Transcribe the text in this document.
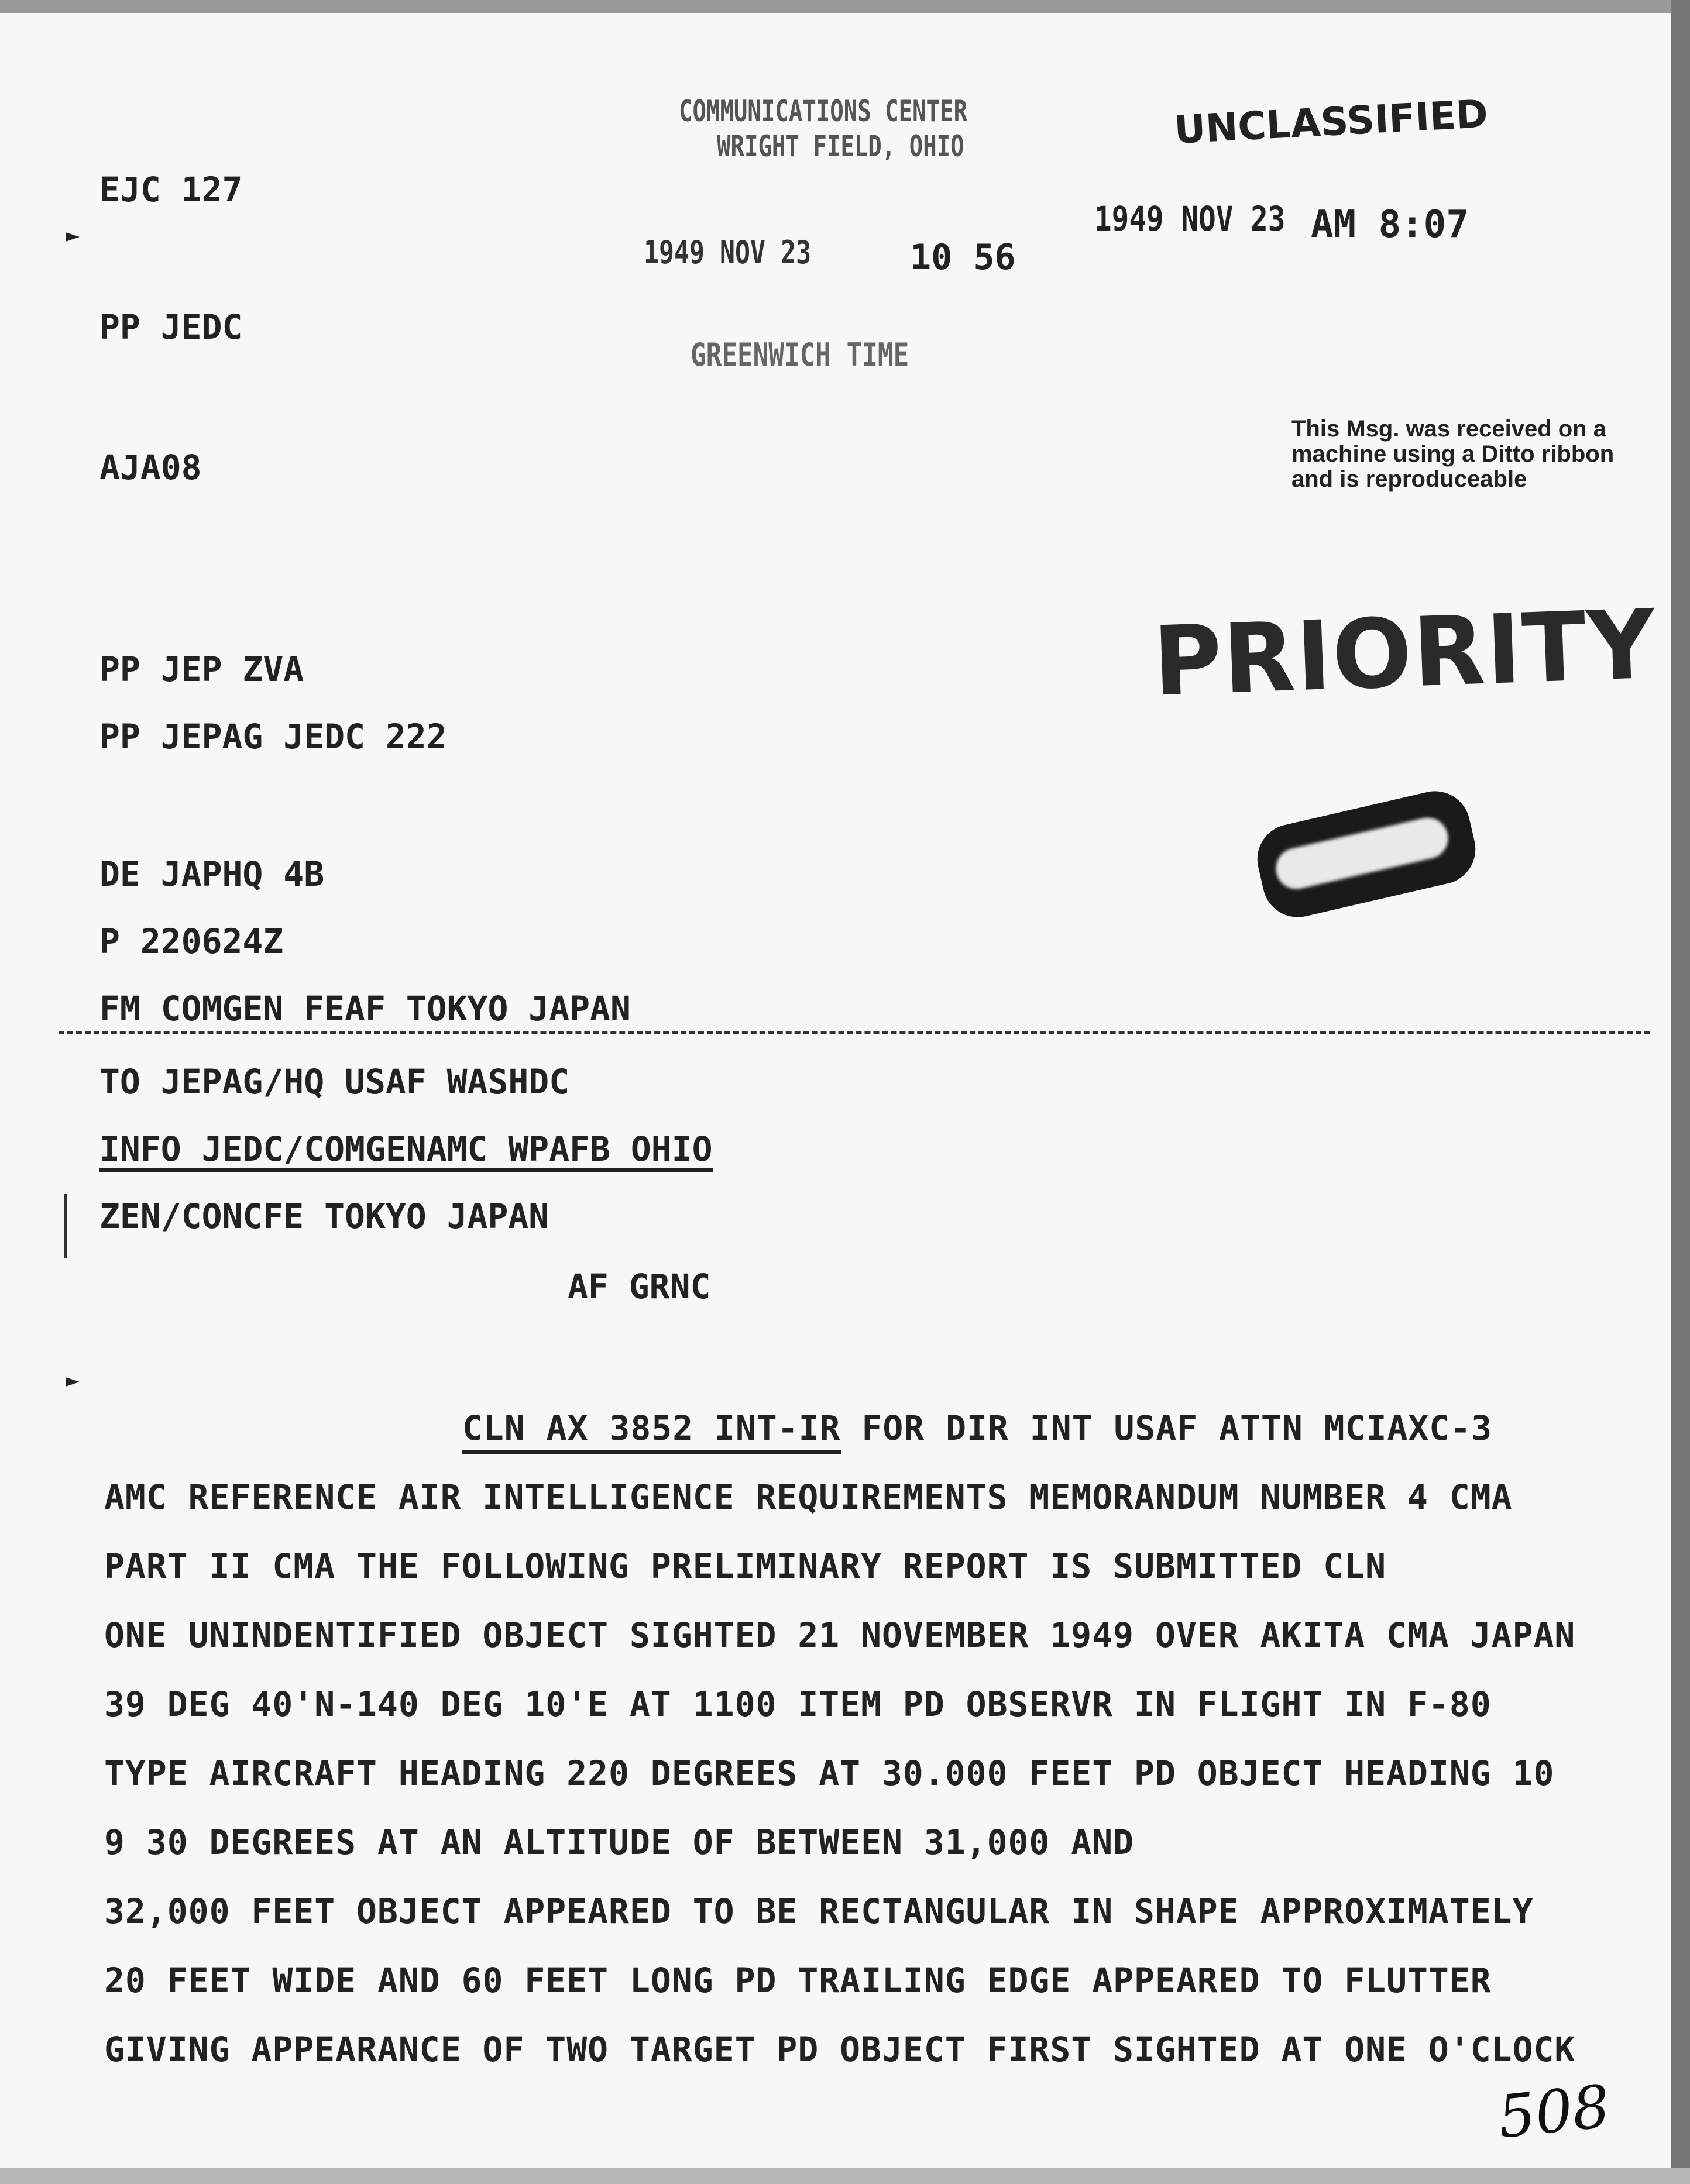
EJC 127
PP JEDC
AJA08
COMMUNICATIONS CENTER
WRIGHT FIELD, OHIO
1949 NOV 23	10 56
GREENWICH TIME
UNCLASSIFIED
1949 NOV 23 AM 8:07
This Msg. was received on a
machine using a Ditto ribbon
and is reproduceable
PRIORITY
PP JEP ZVA
PP JEPAG JEDC 222
DE JAPHQ 4B
P 220624Z
FM COMGEN FEAF TOKYO JAPAN
TO JEPAG/HQ USAF WASHDC
INFO JEDC/COMGENAMC WPAFB OHIO
ZEN/CONCFE TOKYO JAPAN
AF GRNC
CLN AX 3852 INT-IR FOR DIR INT USAF ATTN MCIAXC-3
AMC REFERENCE AIR INTELLIGENCE REQUIREMENTS MEMORANDUM NUMBER 4 CMA
PART II CMA THE FOLLOWING PRELIMINARY REPORT IS SUBMITTED CLN
ONE UNINDENTIFIED OBJECT SIGHTED 21 NOVEMBER 1949 OVER AKITA CMA JAPAN
39 DEG 40'N-140 DEG 10'E AT 1100 ITEM PD OBSERVR IN FLIGHT IN F-80
TYPE AIRCRAFT HEADING 220 DEGREES AT 30.000 FEET PD OBJECT HEADING 10
9 30 DEGREES AT AN ALTITUDE OF BETWEEN 31,000 AND
32,000 FEET OBJECT APPEARED TO BE RECTANGULAR IN SHAPE APPROXIMATELY
20 FEET WIDE AND 60 FEET LONG PD TRAILING EDGE APPEARED TO FLUTTER
GIVING APPEARANCE OF TWO TARGET PD OBJECT FIRST SIGHTED AT ONE O'CLOCK
508
